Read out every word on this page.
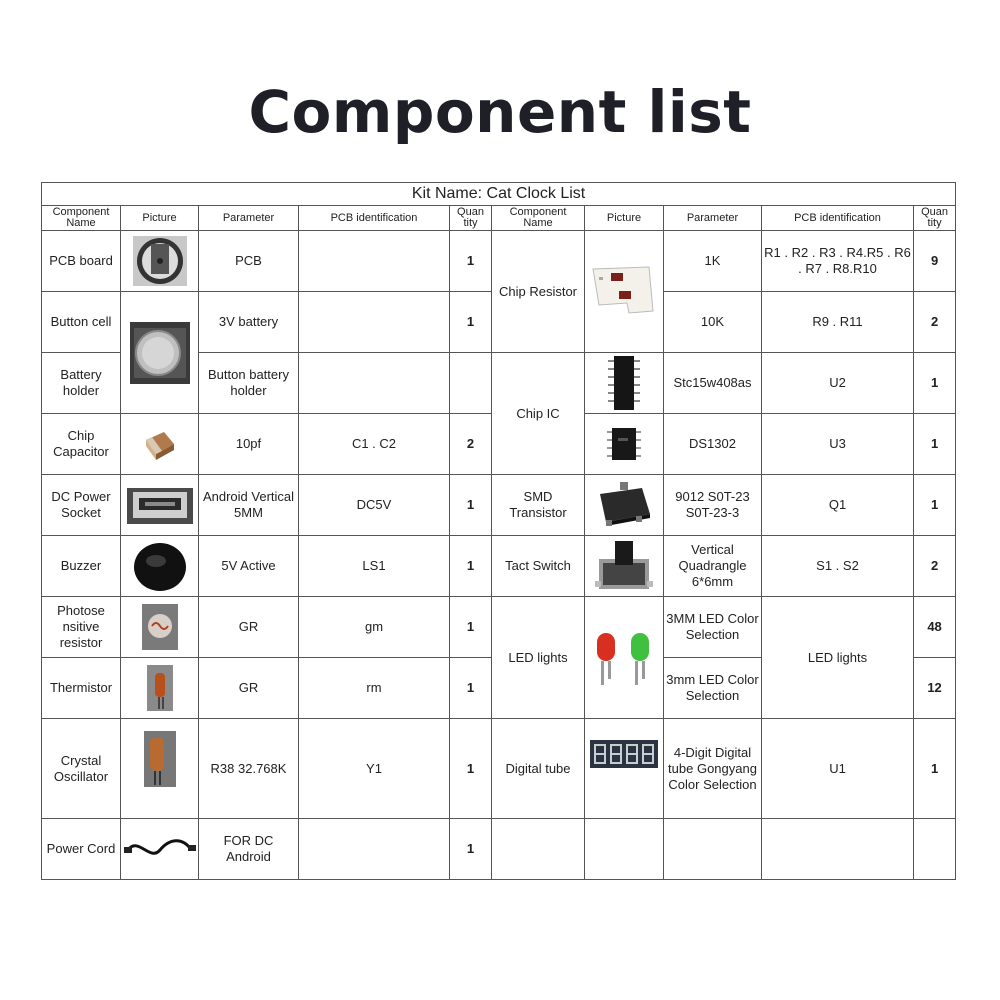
Component list
Kit Name: Cat Clock List									
Component Name	Picture	Parameter	PCB identification	Quan tity	Component Name	Picture	Parameter	PCB identification	Quan tity
PCB board		PCB		1	Chip Resistor		1K	R1 . R2 . R3 . R4.R5 . R6 . R7 . R8.R10	9
Button cell		3V battery		1			10K	R9 . R11	2
Battery holder		Button battery holder			Chip IC		Stc15w408as	U2	1
Chip Capacitor		10pf	C1 . C2	2			DS1302	U3	1
DC Power Socket		Android Vertical 5MM	DC5V	1	SMD Transistor		9012 S0T-23 S0T-23-3	Q1	1
Buzzer		5V Active	LS1	1	Tact Switch		Vertical Quadrangle 6*6mm	S1 . S2	2
Photose nsitive resistor		GR	gm	1	LED lights		3MM LED Color Selection	LED lights	48
Thermistor		GR	rm	1			3mm LED Color Selection		12
Crystal Oscillator		R38 32.768K	Y1	1	Digital tube		4-Digit Digital tube Gongyang Color Selection	U1	1
Power Cord		FOR DC Android		1					
